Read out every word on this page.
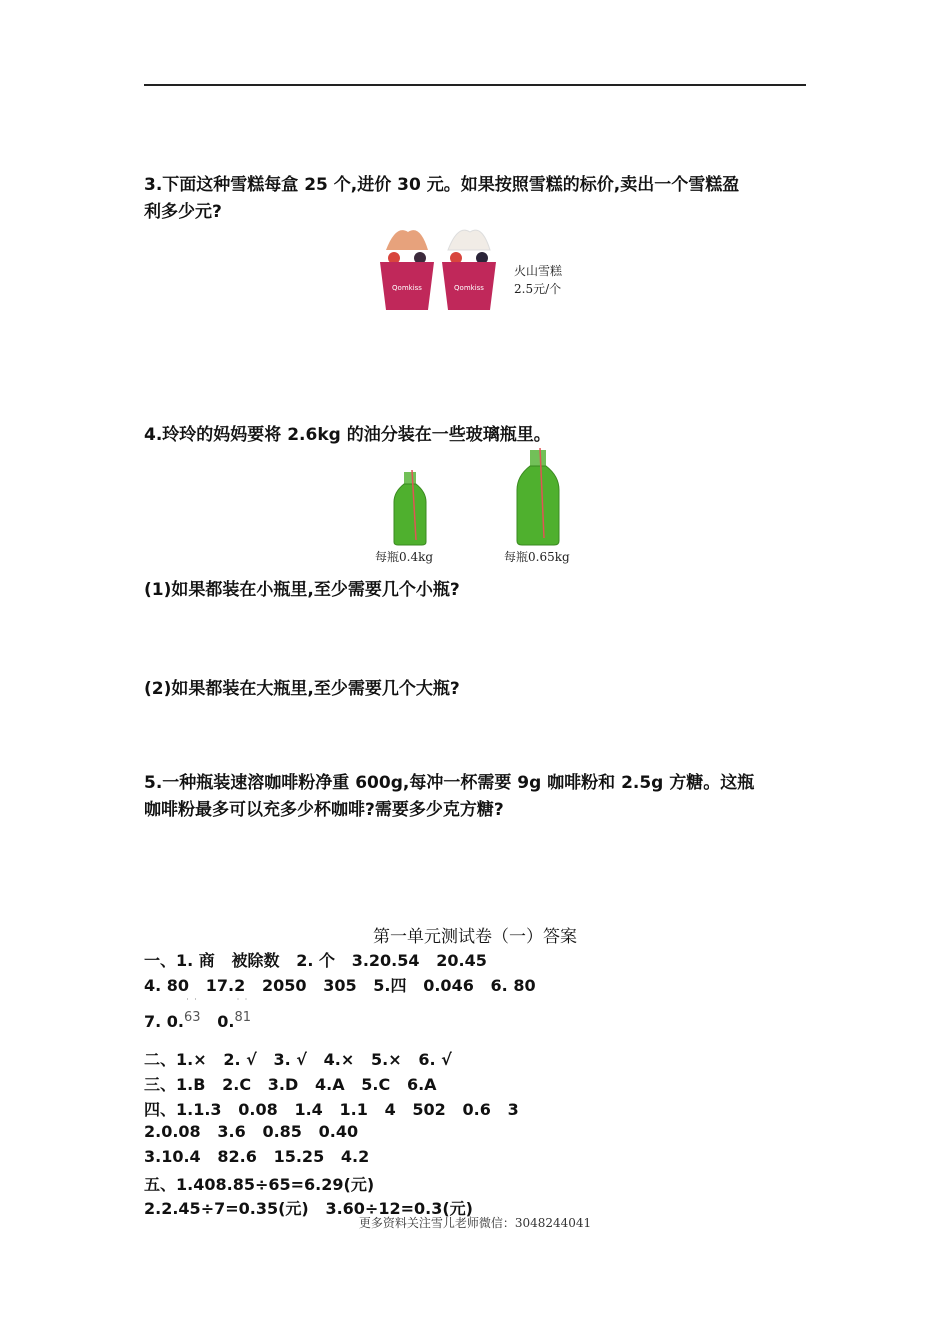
3.下面这种雪糕每盒 25 个,进价 30 元。如果按照雪糕的标价,卖出一个雪糕盈
利多少元?
Qomkiss	Qomkiss
火山雪糕
2.5元/个
4.玲玲的妈妈要将 2.6kg 的油分装在一些玻璃瓶里。
每瓶0.4kg	每瓶0.65kg
(1)如果都装在小瓶里,至少需要几个小瓶?
(2)如果都装在大瓶里,至少需要几个大瓶?
5.一种瓶装速溶咖啡粉净重 600g,每冲一杯需要 9g 咖啡粉和 2.5g 方糖。这瓶
咖啡粉最多可以充多少杯咖啡?需要多少克方糖?
第一单元测试卷（一）答案
一、1. 商   被除数   2. 个   3.20.54   20.45
4. 80   17.2   2050   305   5.四   0.046   6. 80
7. 0.
$^{˙ ˙ 63}$   0.
$^{˙ ˙ 81}$
二、1.×   2. √   3. √   4.×   5.×   6. √
三、1.B   2.C   3.D   4.A   5.C   6.A
四、1.1.3   0.08   1.4   1.1   4   502   0.6   3
2.0.08   3.6   0.85   0.40
3.10.4   82.6   15.25   4.2
五、1.408.85÷65=6.29(元)
2.2.45÷7=0.35(元)   3.60÷12=0.3(元)
更多资料关注雪儿老师微信：3048244041
